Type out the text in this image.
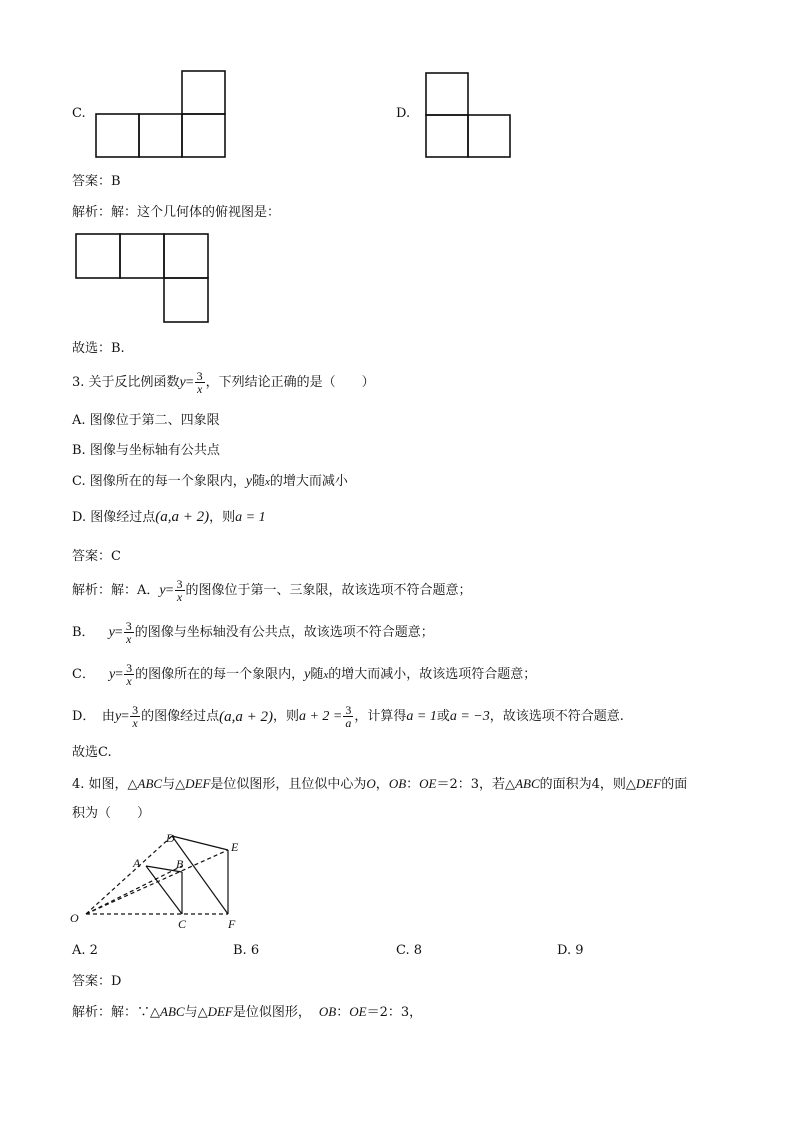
C.	D.
答案：B
解析：解：这个几何体的俯视图是：
故选：B.
3. 关于反比例函数 $y = \frac{3}{x}$ ，下列结论正确的是（　　）
A. 图像位于第二、四象限
B. 图像与坐标轴有公共点
C. 图像所在的每一个象限内，y随$^x$的增大而减小
D. 图像经过点(a,a + 2)，则a = 1
答案：C
解析：解：A． $y = \frac{3}{x}$ 的图像位于第一、三象限，故该选项不符合题意；
B． $y = \frac{3}{x}$ 的图像与坐标轴没有公共点，故该选项不符合题意；
C． $y = \frac{3}{x}$ 的图像所在的每一个象限内， y 随 x 的增大而减小，故该选项符合题意；
D．　由 $y = \frac{3}{x}$ 的图像经过点 (a,a + 2) ，则 $a + 2 = \frac{3}{a}$ ，计算得 a = 1 或 a = −3 ，故该选项不符合题意.
故选C.
4. 如图，△ABC与△DEF是位似图形，且位似中心为O，OB：OE＝2：3，若△ABC的面积为4，则△DEF的面
积为（　　）
D
E
A	B
O	C	F
A. 2	B. 6	C. 8	D. 9
答案：D
解析：解：∵△ABC与△DEF是位似图形， OB：OE＝2：3，
